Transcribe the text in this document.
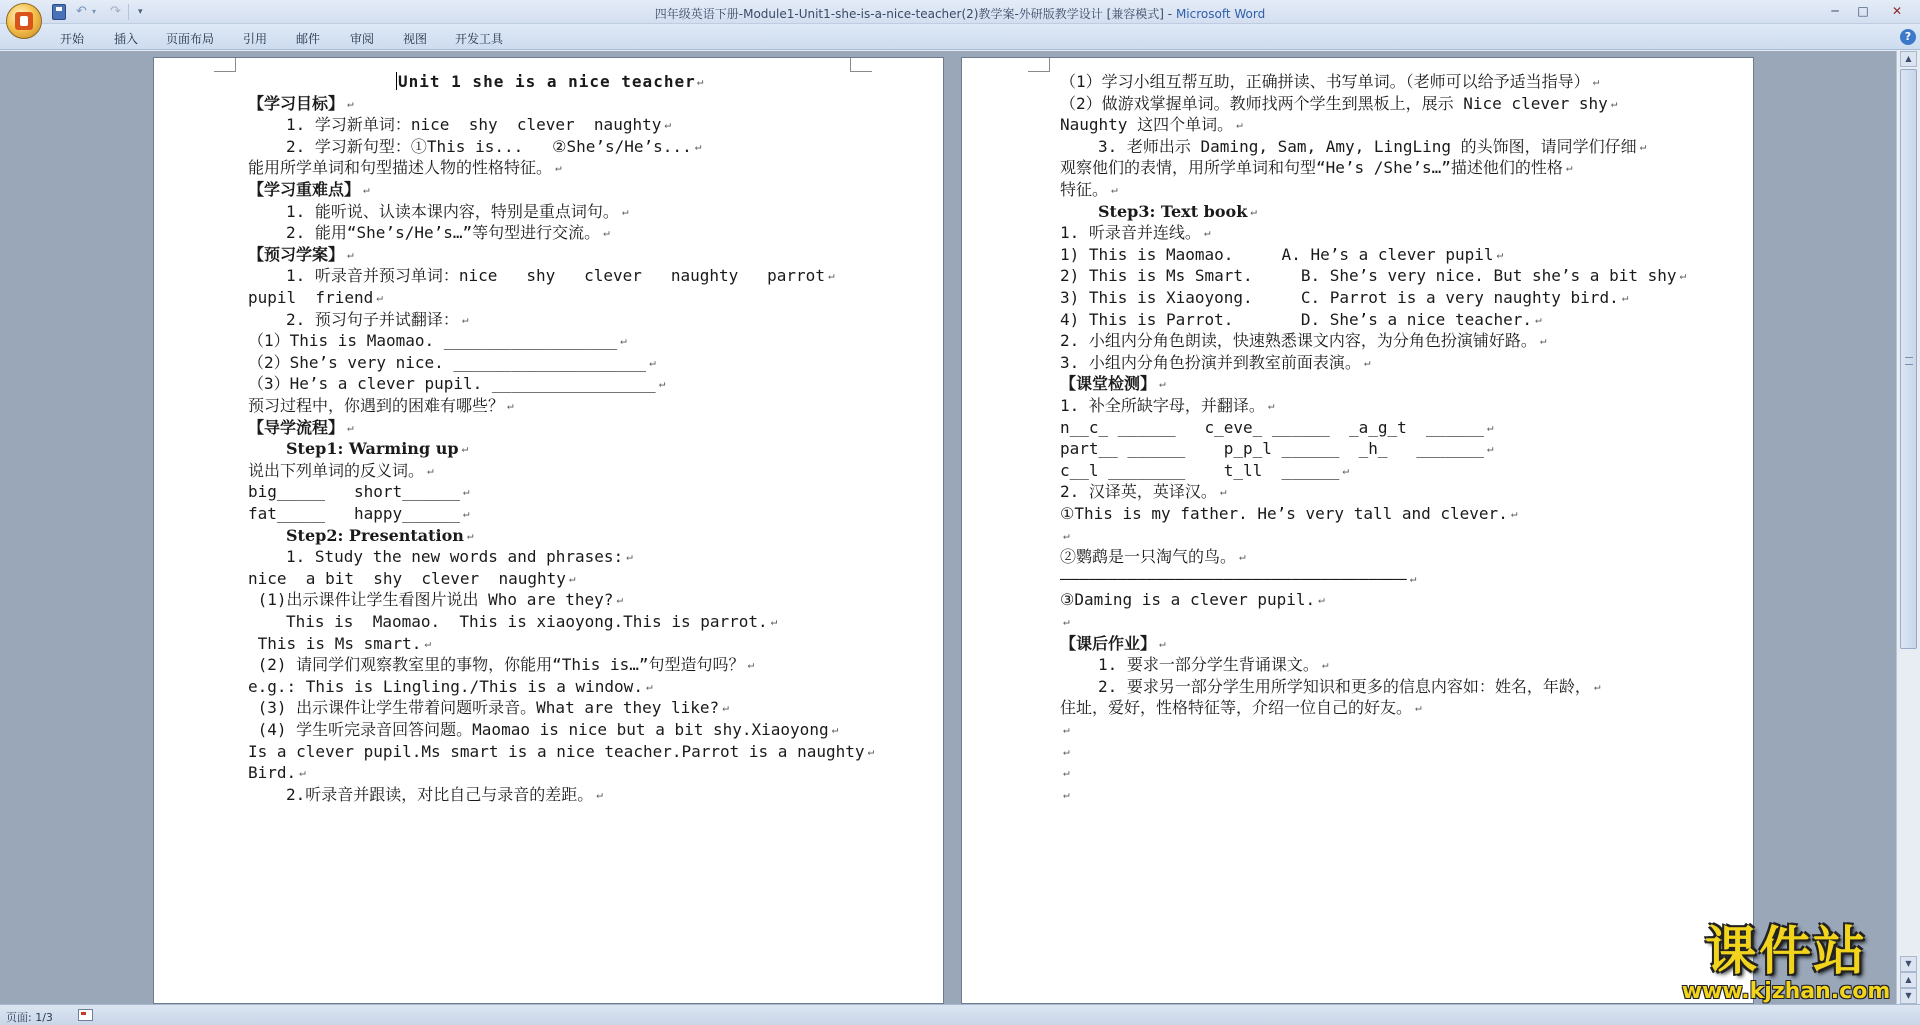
↶ ▾ ↷ ▾	四年级英语下册-Module1-Unit1-she-is-a-nice-teacher(2)教学案-外研版教学设计 [兼容模式] - Microsoft Word	─	□	✕
开始 插入 页面布局 引用 邮件 审阅 视图 开发工具	?
Unit 1 she is a nice teacher ↵
【学习目标】 ↵
1. 学习新单词：nice  shy  clever  naughty ↵
2. 学习新句型：①This is...   ②She’s/He’s... ↵
能用所学单词和句型描述人物的性格特征。 ↵
【学习重难点】 ↵
1. 能听说、认读本课内容，特别是重点词句。 ↵
2. 能用“She’s/He’s…”等句型进行交流。 ↵
【预习学案】 ↵
1. 听录音并预习单词：nice   shy   clever   naughty   parrot ↵
pupil  friend ↵
2. 预习句子并试翻译： ↵
（1）This is Maomao. __________________ ↵
（2）She’s very nice. ____________________ ↵
（3）He’s a clever pupil. _________________ ↵
预习过程中，你遇到的困难有哪些？ ↵
【导学流程】 ↵
Step1: Warming up ↵
说出下列单词的反义词。 ↵
big_____   short______ ↵
fat_____   happy______ ↵
Step2: Presentation ↵
1. Study the new words and phrases: ↵
nice  a bit  shy  clever  naughty ↵
(1)出示课件让学生看图片说出 Who are they? ↵
This is  Maomao.  This is xiaoyong.This is parrot. ↵
This is Ms smart. ↵
(2) 请同学们观察教室里的事物，你能用“This is…”句型造句吗？ ↵
e.g.: This is Lingling./This is a window. ↵
(3) 出示课件让学生带着问题听录音。What are they like? ↵
(4) 学生听完录音回答问题。Maomao is nice but a bit shy.Xiaoyong ↵
Is a clever pupil.Ms smart is a nice teacher.Parrot is a naughty ↵
Bird. ↵
2.听录音并跟读，对比自己与录音的差距。 ↵
（1）学习小组互帮互助，正确拼读、书写单词。（老师可以给予适当指导） ↵
（2）做游戏掌握单词。教师找两个学生到黑板上，展示 Nice clever shy ↵
Naughty 这四个单词。 ↵
3. 老师出示 Daming, Sam, Amy, LingLing 的头饰图，请同学们仔细 ↵
观察他们的表情，用所学单词和句型“He’s /She’s…”描述他们的性格 ↵
特征。 ↵
Step3: Text book ↵
1. 听录音并连线。 ↵
1) This is Maomao.     A. He’s a clever pupil ↵
2) This is Ms Smart.     B. She’s very nice. But she’s a bit shy ↵
3) This is Xiaoyong.     C. Parrot is a very naughty bird. ↵
4) This is Parrot.       D. She’s a nice teacher. ↵
2. 小组内分角色朗读，快速熟悉课文内容，为分角色扮演铺好路。 ↵
3. 小组内分角色扮演并到教室前面表演。 ↵
【课堂检测】 ↵
1. 补全所缺字母，并翻译。 ↵
n__c_ ______   c_eve_ ______  _a_g_t  ______ ↵
part__ ______    p_p_l ______  _h_   _______ ↵
c__l ________    t_ll  ______ ↵
2. 汉译英，英译汉。 ↵
①This is my father. He’s very tall and clever. ↵
↵
②鹦鹉是一只淘气的鸟。 ↵
———————————————————————————————————— ↵
③Daming is a clever pupil. ↵
↵
【课后作业】 ↵
1. 要求一部分学生背诵课文。 ↵
2. 要求另一部分学生用所学知识和更多的信息内容如：姓名，年龄， ↵
住址，爱好，性格特征等，介绍一位自己的好友。 ↵
↵
↵
↵
↵
▲
▼
▲
▼
页面: 1/3
课件站
www.kjzhan.com
